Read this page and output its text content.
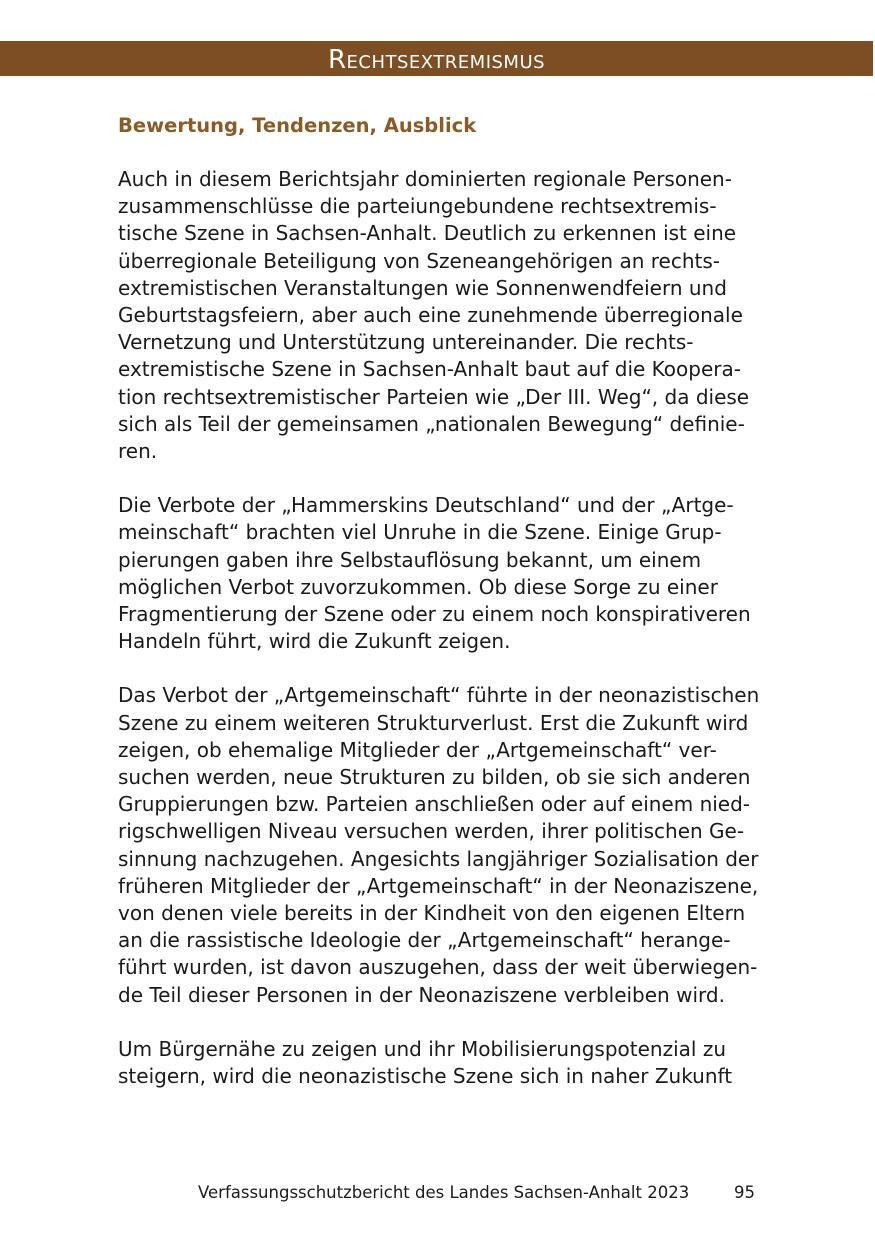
Rechtsextremismus
Bewertung, Tendenzen, Ausblick
Auch in diesem Berichtsjahr dominierten regionale Personen-
zusammenschlüsse die parteiungebundene rechtsextremis-
tische Szene in Sachsen-Anhalt. Deutlich zu erkennen ist eine
überregionale Beteiligung von Szeneangehörigen an rechts-
extremistischen Veranstaltungen wie Sonnenwendfeiern und
Geburtstagsfeiern, aber auch eine zunehmende überregionale
Vernetzung und Unterstützung untereinander. Die rechts-
extremistische Szene in Sachsen-Anhalt baut auf die Koopera-
tion rechtsextremistischer Parteien wie „Der III. Weg“, da diese
sich als Teil der gemeinsamen „nationalen Bewegung“ definie-
ren.
Die Verbote der „Hammerskins Deutschland“ und der „Artge-
meinschaft“ brachten viel Unruhe in die Szene. Einige Grup-
pierungen gaben ihre Selbstauflösung bekannt, um einem
möglichen Verbot zuvorzukommen. Ob diese Sorge zu einer
Fragmentierung der Szene oder zu einem noch konspirativeren
Handeln führt, wird die Zukunft zeigen.
Das Verbot der „Artgemeinschaft“ führte in der neonazistischen
Szene zu einem weiteren Strukturverlust. Erst die Zukunft wird
zeigen, ob ehemalige Mitglieder der „Artgemeinschaft“ ver-
suchen werden, neue Strukturen zu bilden, ob sie sich anderen
Gruppierungen bzw. Parteien anschließen oder auf einem nied-
rigschwelligen Niveau versuchen werden, ihrer politischen Ge-
sinnung nachzugehen. Angesichts langjähriger Sozialisation der
früheren Mitglieder der „Artgemeinschaft“ in der Neonaziszene,
von denen viele bereits in der Kindheit von den eigenen Eltern
an die rassistische Ideologie der „Artgemeinschaft“ herange-
führt wurden, ist davon auszugehen, dass der weit überwiegen-
de Teil dieser Personen in der Neonaziszene verbleiben wird.
Um Bürgernähe zu zeigen und ihr Mobilisierungspotenzial zu
steigern, wird die neonazistische Szene sich in naher Zukunft
Verfassungsschutzbericht des Landes Sachsen-Anhalt 2023	95
